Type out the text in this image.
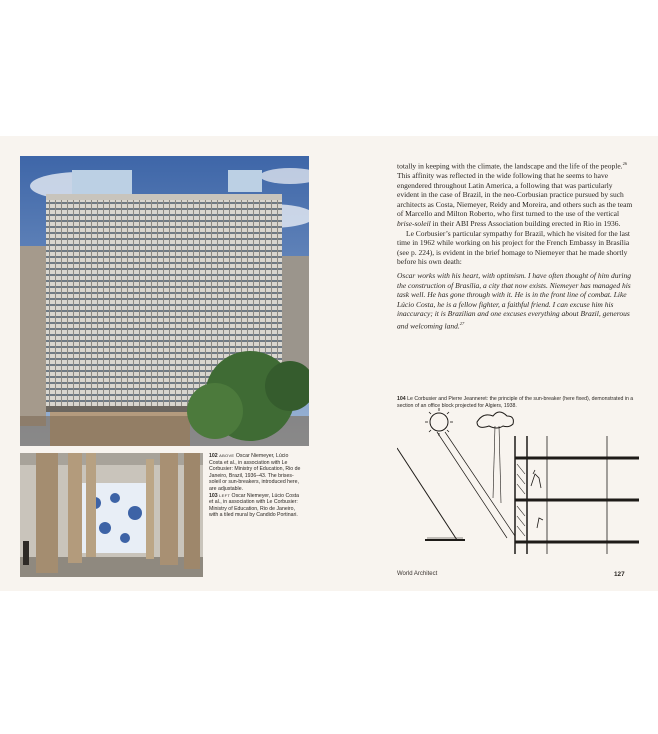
102 ABOVE Oscar Niemeyer, Lúcio Costa et al., in association with Le Corbusier: Ministry of Education, Rio de Janeiro, Brazil, 1936–43. The brises-soleil or sun-breakers, introduced here, are adjustable.
103 LEFT Oscar Niemeyer, Lúcio Costa et al., in association with Le Corbusier: Ministry of Education, Rio de Janeiro, with a tiled mural by Candido Portinari.

totally in keeping with the climate, the landscape and the life of the people.$^{26}$ This affinity was reflected in the wide following that he seems to have engendered throughout Latin America, a following that was particularly evident in the case of Brazil, in the neo-Corbusian practice pursued by such architects as Costa, Niemeyer, Reidy and Moreira, and others such as the team of Marcello and Milton Roberto, who first turned to the use of the vertical brise-soleil in their ABI Press Association building erected in Rio in 1936.

Le Corbusier’s particular sympathy for Brazil, which he visited for the last time in 1962 while working on his project for the French Embassy in Brasília (see p. 224), is evident in the brief homage to Niemeyer that he made shortly before his own death:

Oscar works with his heart, with optimism. I have often thought of him during the construction of Brasília, a city that now exists. Niemeyer has managed his task well. He has gone through with it. He is in the front line of combat. Like Lúcio Costa, he is a fellow fighter, a faithful friend. I can excuse him his inaccuracy; it is Brazilian and one excuses everything about Brazil, generous and welcoming land.$^{27}$

104 Le Corbusier and Pierre Jeanneret: the principle of the sun-breaker (here fixed), demonstrated in a section of an office block projected for Algiers, 1938.
World Architect	127
